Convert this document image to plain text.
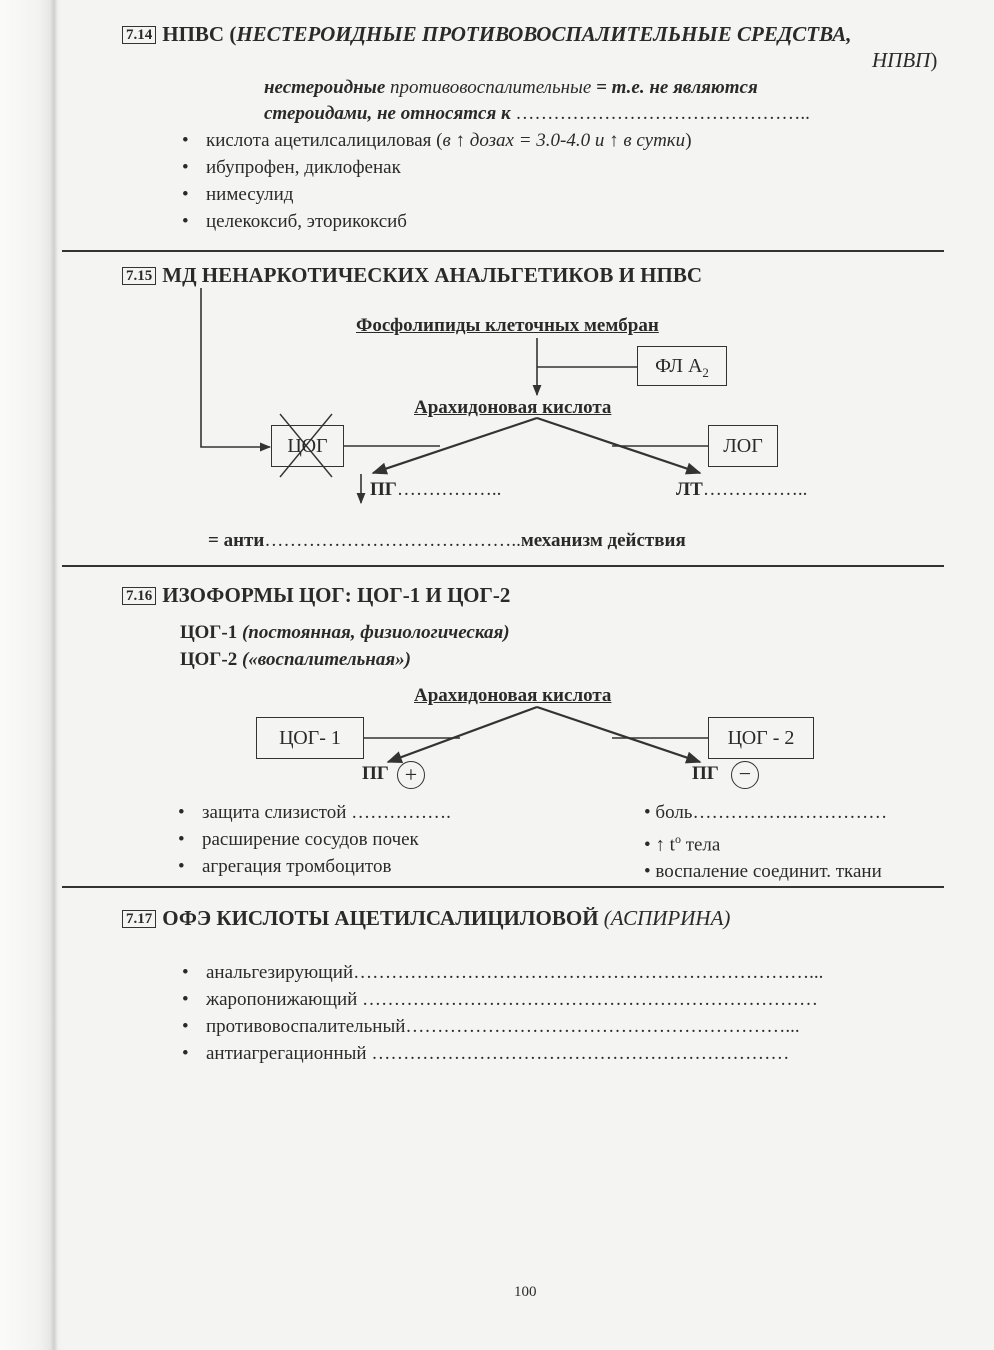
7.14 НПВС (НЕСТЕРОИДНЫЕ ПРОТИВОВОСПАЛИТЕЛЬНЫЕ СРЕДСТВА,
НПВП)
нестероидные противовоспалительные = т.е. не являются
стероидами, не относятся к ………………………………………..
• кислота ацетилсалициловая (в ↑ дозах = 3.0-4.0 и ↑ в сутки)
• ибупрофен, диклофенак
• нимесулид
• целекоксиб, эторикоксиб
7.15 МД НЕНАРКОТИЧЕСКИХ АНАЛЬГЕТИКОВ И НПВС
Фосфолипиды клеточных мембран
ФЛ $А_2$
Арахидоновая кислота
ЦОГ	ЛОГ
ПГ……………..	ЛТ……………..
= анти…………………………………..механизм действия
7.16 ИЗОФОРМЫ ЦОГ: ЦОГ-1 И ЦОГ-2
ЦОГ-1 (постоянная, физиологическая)
ЦОГ-2 («воспалительная»)
Арахидоновая кислота
ЦОГ- 1	ЦОГ - 2
ПГ +	ПГ −
• защита слизистой …………….
• расширение сосудов почек
• агрегация тромбоцитов
• боль…………….……………
• ↑ $t^o$ тела
• воспаление соединит. ткани
7.17 ОФЭ КИСЛОТЫ АЦЕТИЛСАЛИЦИЛОВОЙ (АСПИРИНА)
• анальгезирующий………………………………………………………………...
• жаропонижающий ………………………………………………………………
• противовоспалительный……………………………………………………...
• антиагрегационный …………………………………………………………
100
